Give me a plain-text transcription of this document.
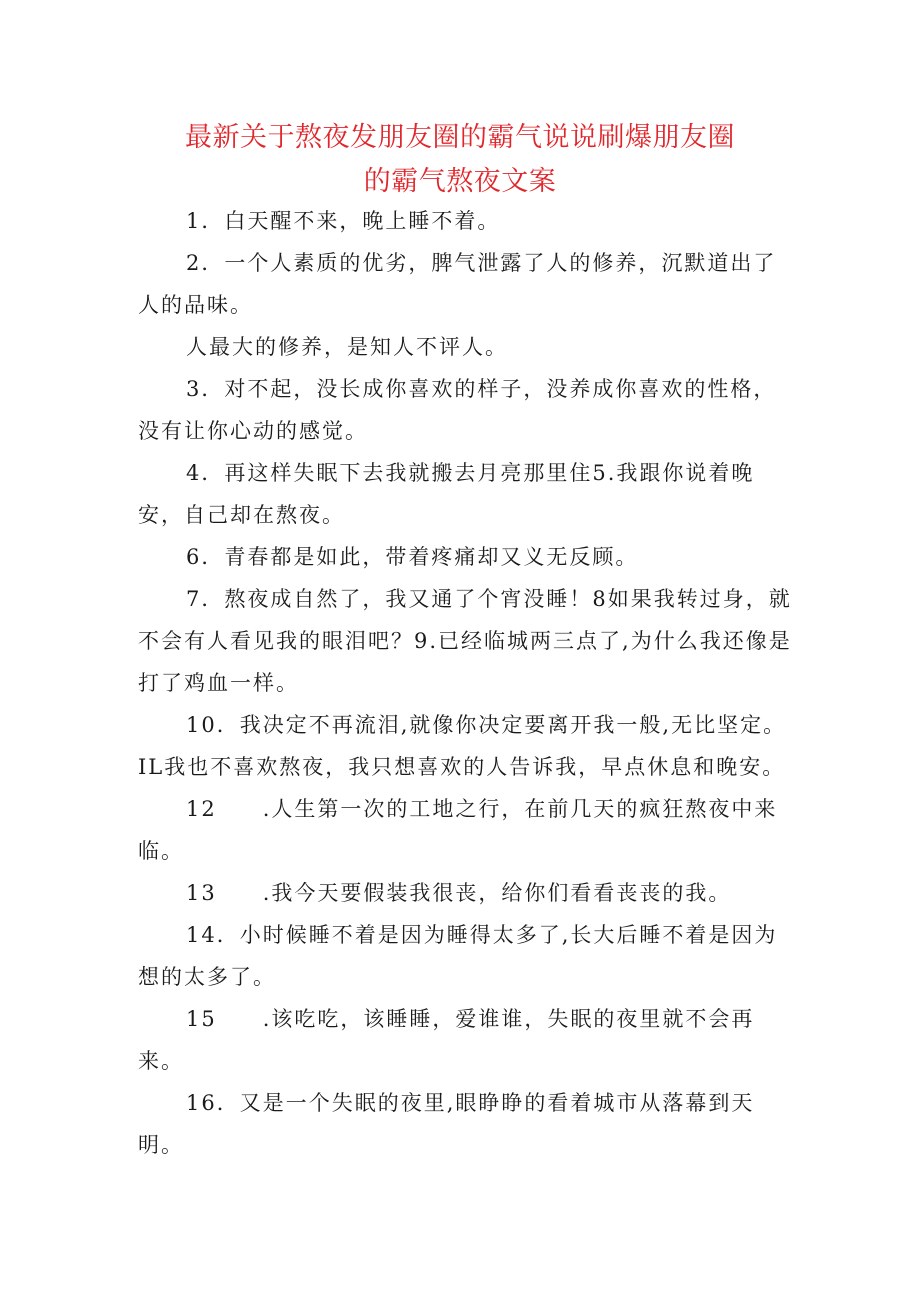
最新关于熬夜发朋友圈的霸气说说刷爆朋友圈
的霸气熬夜文案

1．白天醒不来，晚上睡不着。

2．一个人素质的优劣，脾气泄露了人的修养，沉默道出了人的品味。

人最大的修养，是知人不评人。

3．对不起，没长成你喜欢的样子，没养成你喜欢的性格，没有让你心动的感觉。

4．再这样失眠下去我就搬去月亮那里住5.我跟你说着晚安，自己却在熬夜。

6．青春都是如此，带着疼痛却又义无反顾。

7．熬夜成自然了，我又通了个宵没睡！8如果我转过身，就不会有人看见我的眼泪吧？9.已经临城两三点了,为什么我还像是打了鸡血一样。

10．我决定不再流泪,就像你决定要离开我一般,无比坚定。

IL我也不喜欢熬夜，我只想喜欢的人告诉我，早点休息和晚安。

12　　.人生第一次的工地之行，在前几天的疯狂熬夜中来临。

13　　.我今天要假装我很丧，给你们看看丧丧的我。

14．小时候睡不着是因为睡得太多了,长大后睡不着是因为想的太多了。

15　　.该吃吃，该睡睡，爱谁谁，失眠的夜里就不会再来。

16．又是一个失眠的夜里,眼睁睁的看着城市从落幕到天明。
